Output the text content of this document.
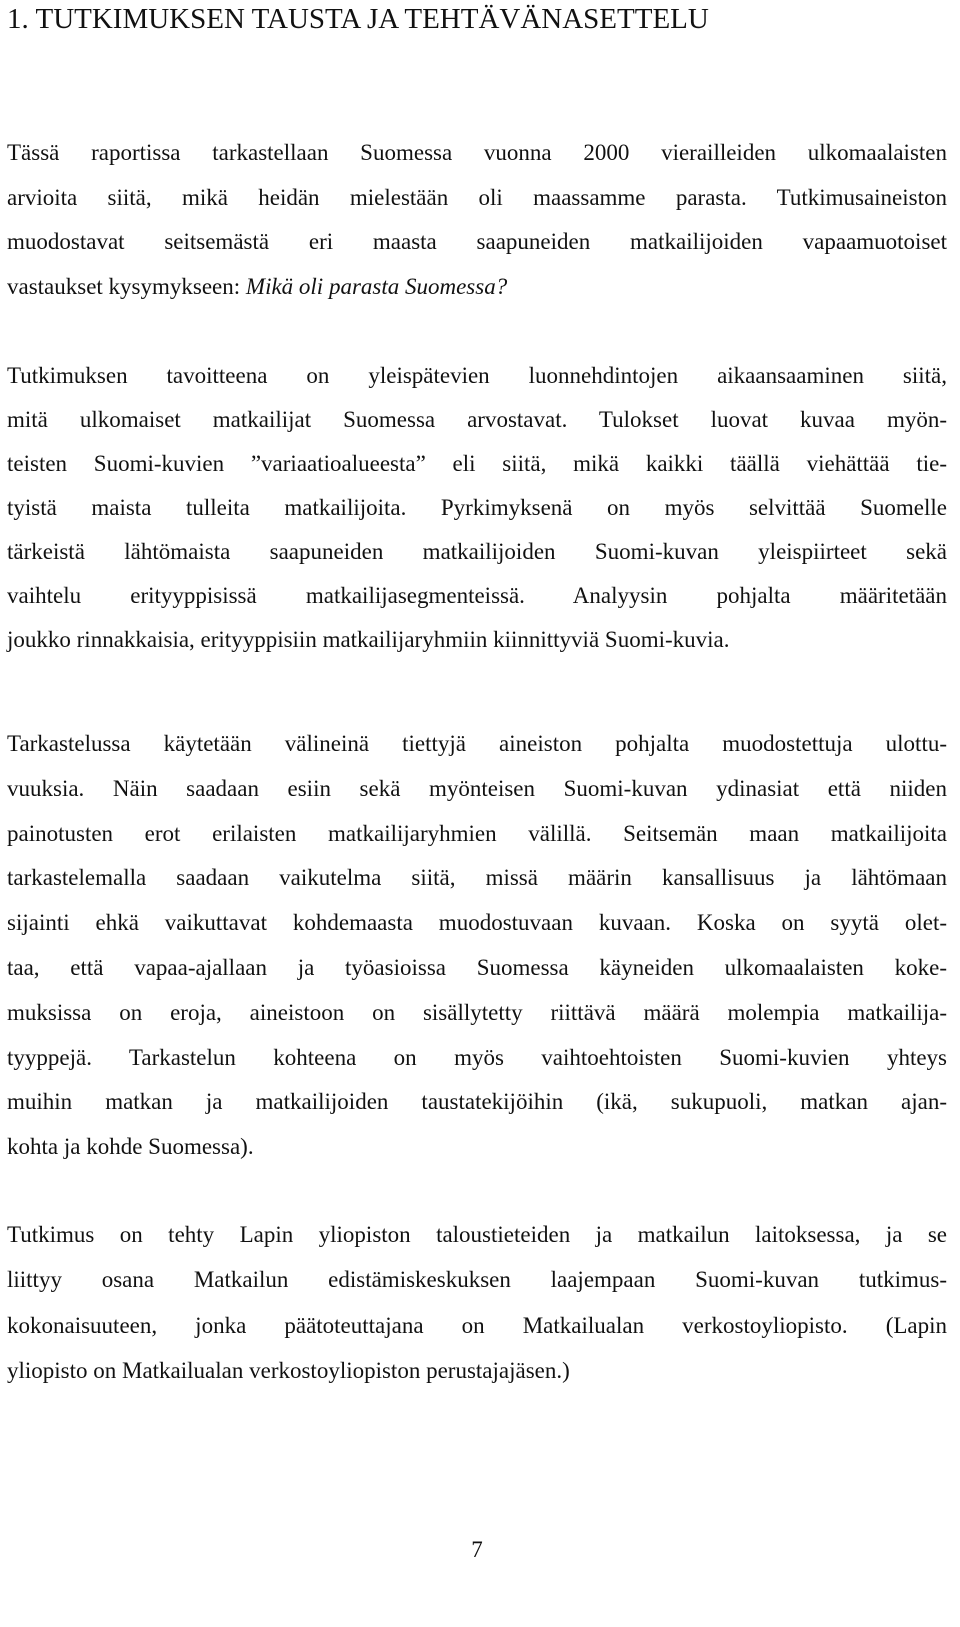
1. TUTKIMUKSEN TAUSTA JA TEHTÄVÄNASETTELU

Tässä raportissa tarkastellaan Suomessa vuonna 2000 vierailleiden ulkomaalaisten
arvioita siitä, mikä heidän mielestään oli maassamme parasta. Tutkimusaineiston
muodostavat seitsemästä eri maasta saapuneiden matkailijoiden vapaamuotoiset
vastaukset kysymykseen: Mikä oli parasta Suomessa?

Tutkimuksen tavoitteena on yleispätevien luonnehdintojen aikaansaaminen siitä,
mitä ulkomaiset matkailijat Suomessa arvostavat. Tulokset luovat kuvaa myön-
teisten Suomi-kuvien ”variaatioalueesta” eli siitä, mikä kaikki täällä viehättää tie-
tyistä maista tulleita matkailijoita. Pyrkimyksenä on myös selvittää Suomelle
tärkeistä lähtömaista saapuneiden matkailijoiden Suomi-kuvan yleispiirteet sekä
vaihtelu erityyppisissä matkailijasegmenteissä. Analyysin pohjalta määritetään
joukko rinnakkaisia, erityyppisiin matkailijaryhmiin kiinnittyviä Suomi-kuvia.

Tarkastelussa käytetään välineinä tiettyjä aineiston pohjalta muodostettuja ulottu-
vuuksia. Näin saadaan esiin sekä myönteisen Suomi-kuvan ydinasiat että niiden
painotusten erot erilaisten matkailijaryhmien välillä. Seitsemän maan matkailijoita
tarkastelemalla saadaan vaikutelma siitä, missä määrin kansallisuus ja lähtömaan
sijainti ehkä vaikuttavat kohdemaasta muodostuvaan kuvaan. Koska on syytä olet-
taa, että vapaa-ajallaan ja työasioissa Suomessa käyneiden ulkomaalaisten koke-
muksissa on eroja, aineistoon on sisällytetty riittävä määrä molempia matkailija-
tyyppejä. Tarkastelun kohteena on myös vaihtoehtoisten Suomi-kuvien yhteys
muihin matkan ja matkailijoiden taustatekijöihin (ikä, sukupuoli, matkan ajan-
kohta ja kohde Suomessa).

Tutkimus on tehty Lapin yliopiston taloustieteiden ja matkailun laitoksessa, ja se
liittyy osana Matkailun edistämiskeskuksen laajempaan Suomi-kuvan tutkimus-
kokonaisuuteen, jonka päätoteuttajana on Matkailualan verkostoyliopisto. (Lapin
yliopisto on Matkailualan verkostoyliopiston perustajajäsen.)

7
